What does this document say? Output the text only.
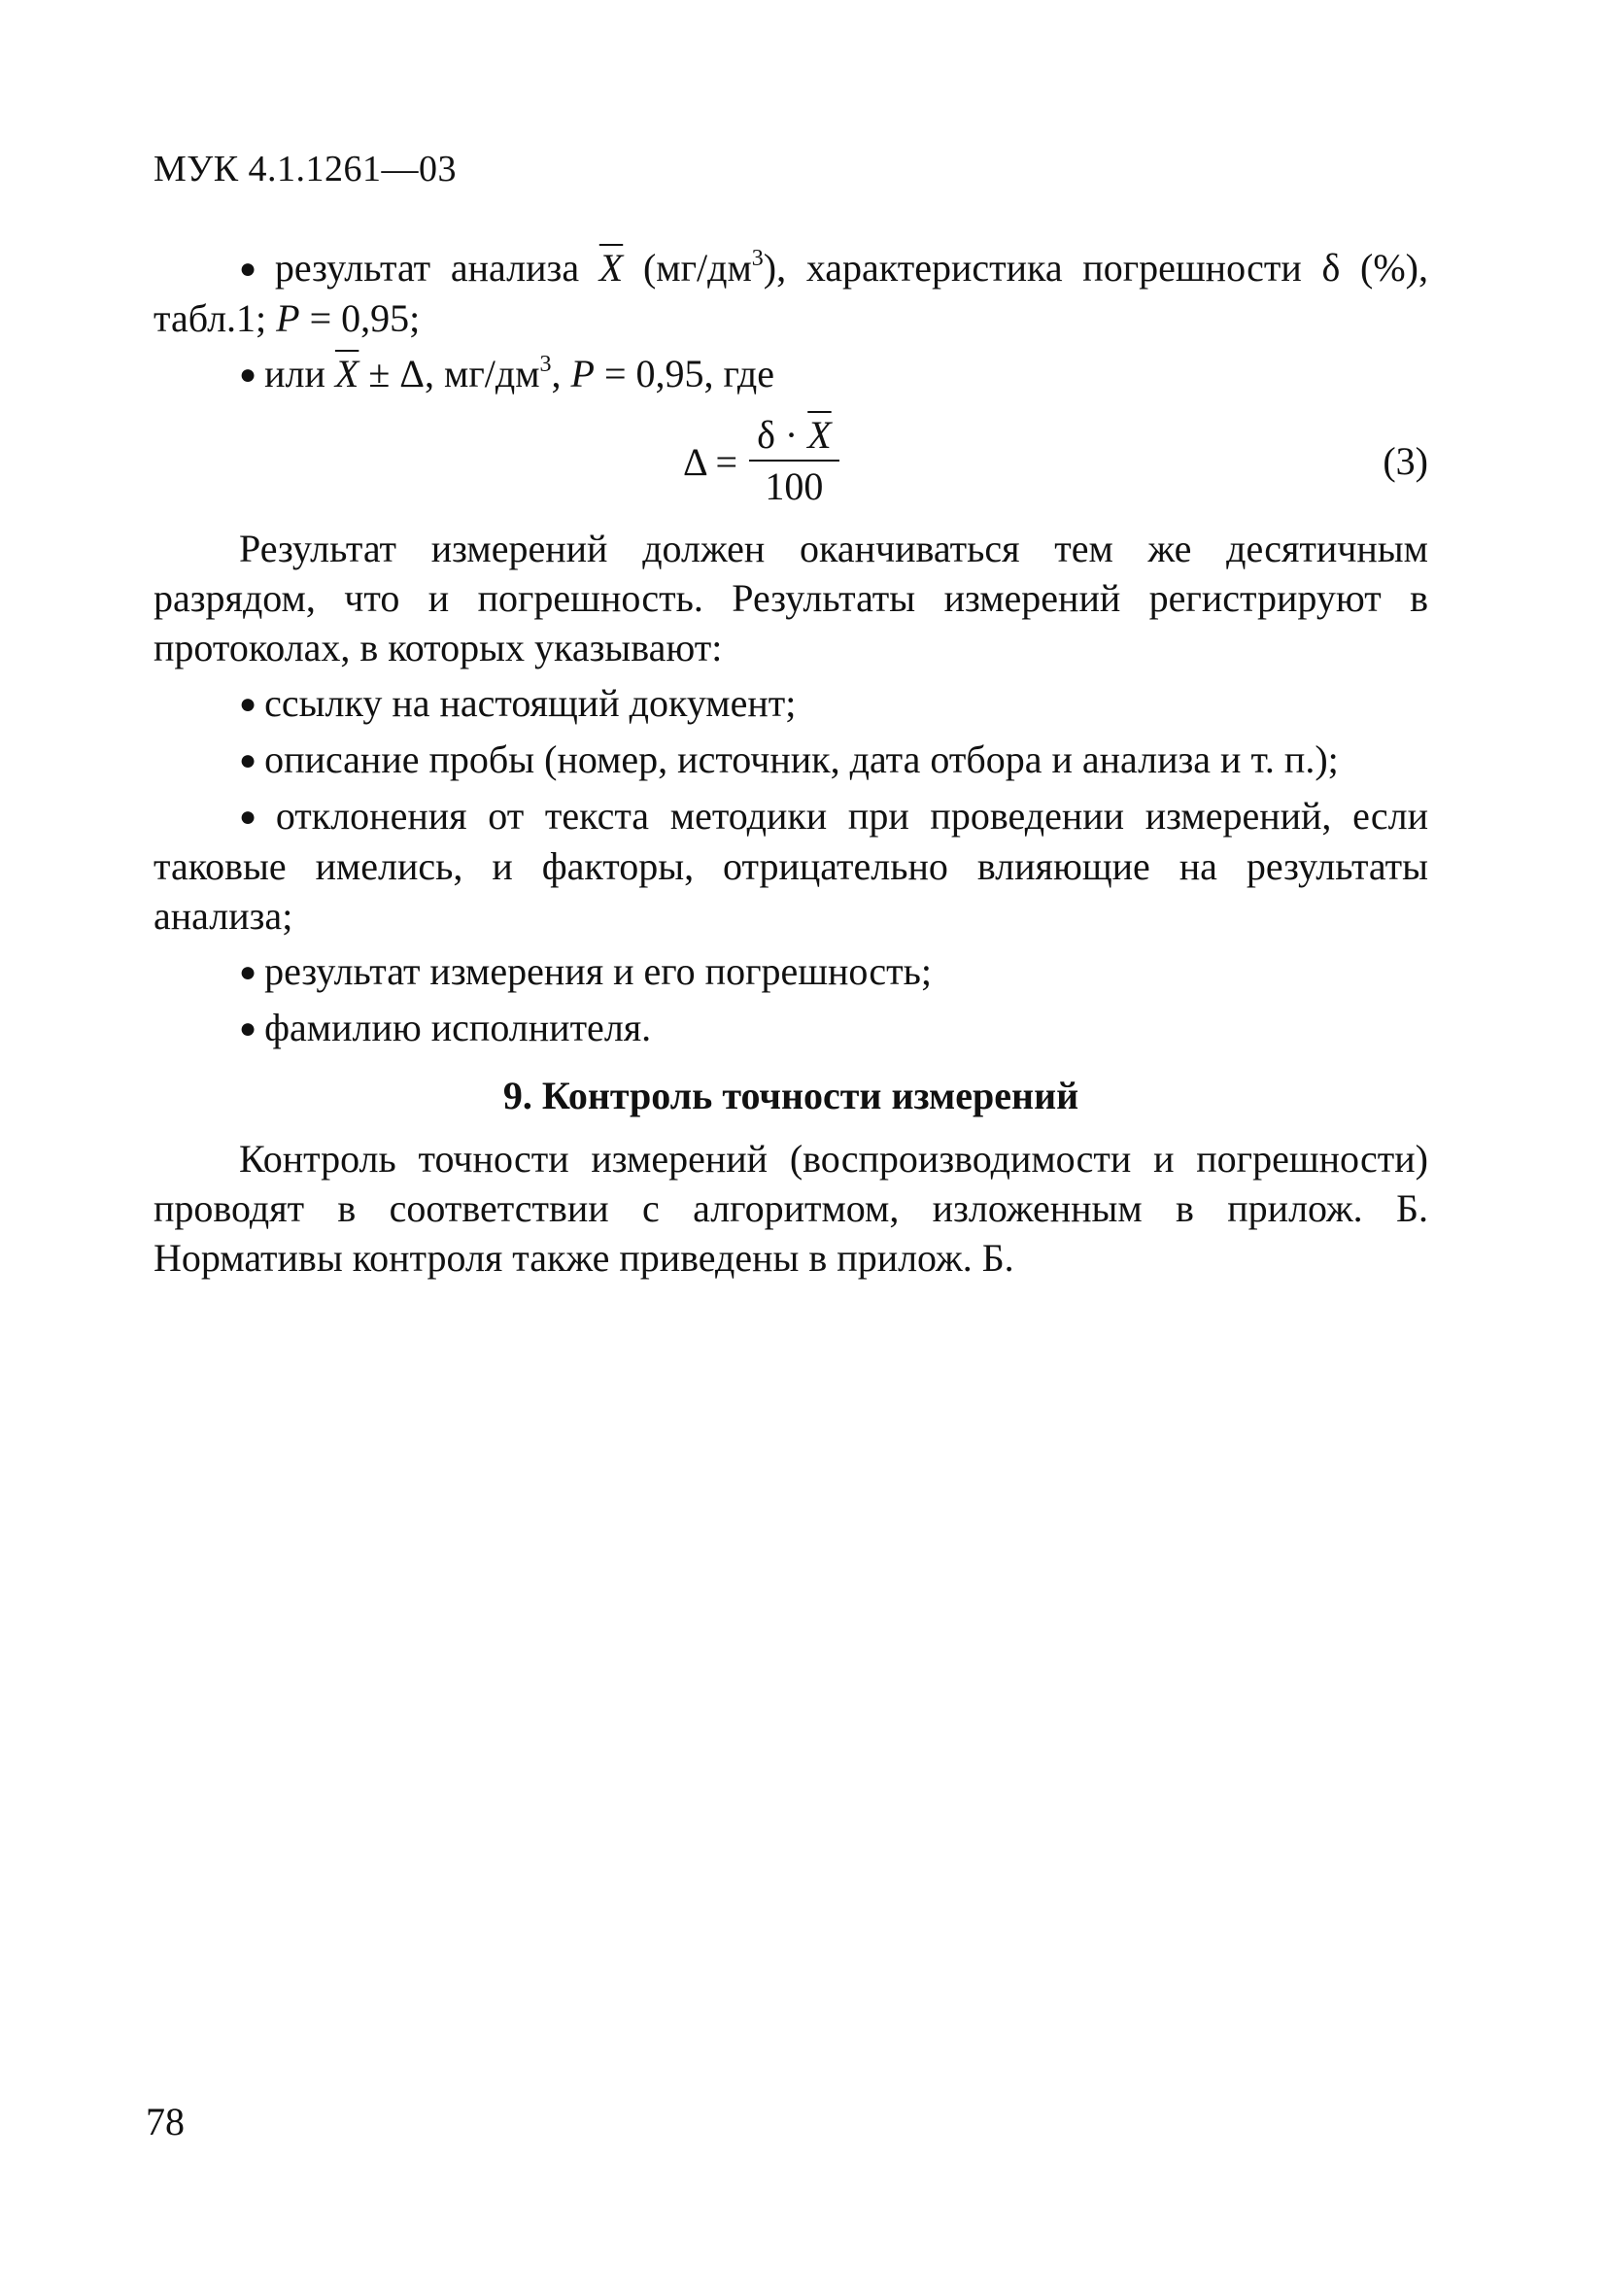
МУК 4.1.1261—03

● результат анализа $\overline{X}$ $(мг/дм^3)$, характеристика погрешности δ (%), табл.1; P = 0,95;

● или $\overline{X} \pm \Delta$, $мг/дм^3$, P = 0,95, где

$\Delta = \frac{\delta \cdot \overline{X}}{100}$	(3)

Результат измерений должен оканчиваться тем же десятичным разрядом, что и погрешность. Результаты измерений регистрируют в протоколах, в которых указывают:

● ссылку на настоящий документ;

● описание пробы (номер, источник, дата отбора и анализа и т. п.);

● отклонения от текста методики при проведении измерений, если таковые имелись, и факторы, отрицательно влияющие на результаты анализа;

● результат измерения и его погрешность;

● фамилию исполнителя.

9. Контроль точности измерений

Контроль точности измерений (воспроизводимости и погрешности) проводят в соответствии с алгоритмом, изложенным в прилож. Б. Нормативы контроля также приведены в прилож. Б.

78
